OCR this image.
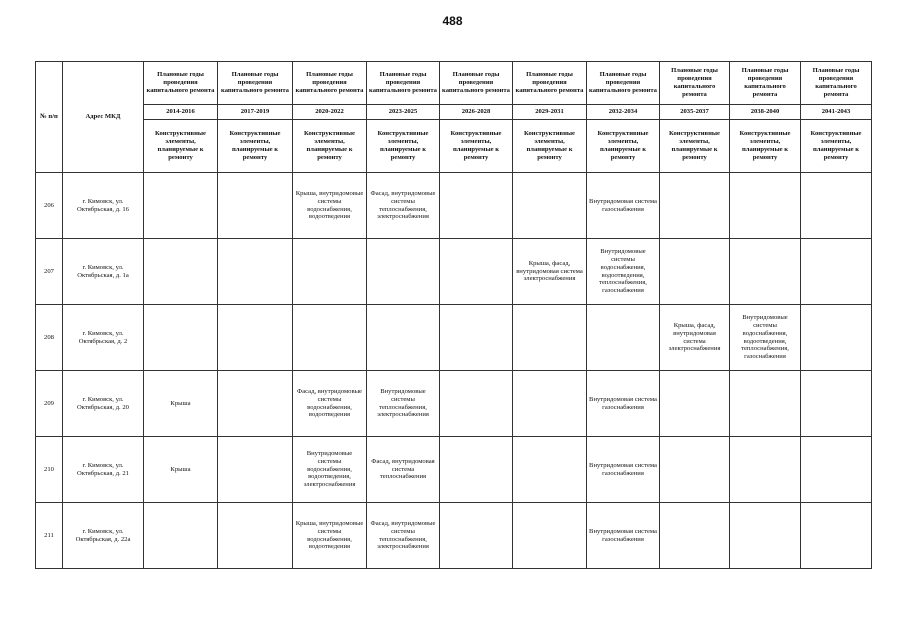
488
№ п/п	Адрес МКД	Плановые годы проведения капитального ремонта	Плановые годы проведения капитального ремонта	Плановые годы проведения капитального ремонта	Плановые годы проведения капитального ремонта	Плановые годы проведения капитального ремонта	Плановые годы проведения капитального ремонта	Плановые годы проведения капитального ремонта	Плановые годы проведения капитального ремонта	Плановые годы проведения капитального ремонта	Плановые годы проведения капитального ремонта
		2014-2016	2017-2019	2020-2022	2023-2025	2026-2028	2029-2031	2032-2034	2035-2037	2038-2040	2041-2043
		Конструктивные элементы, планируемые к ремонту	Конструктивные элементы, планируемые к ремонту	Конструктивные элементы, планируемые к ремонту	Конструктивные элементы, планируемые к ремонту	Конструктивные элементы, планируемые к ремонту	Конструктивные элементы, планируемые к ремонту	Конструктивные элементы, планируемые к ремонту	Конструктивные элементы, планируемые к ремонту	Конструктивные элементы, планируемые к ремонту	Конструктивные элементы, планируемые к ремонту
206	г. Кимовск, ул. Октябрьская, д. 16			Крыша, внутридомовые системы водоснабжения, водоотведения	Фасад, внутридомовые системы теплоснабжения, электроснабжения			Внутридомовая система газоснабжения			
207	г. Кимовск, ул. Октябрьская, д. 1а						Крыша, фасад, внутридомовая система электроснабжения	Внутридомовые системы водоснабжения, водоотведения, теплоснабжения, газоснабжения			
208	г. Кимовск, ул. Октябрьская, д. 2								Крыша, фасад, внутридомовая система электроснабжения	Внутридомовые системы водоснабжения, водоотведения, теплоснабжения, газоснабжения	
209	г. Кимовск, ул. Октябрьская, д. 20	Крыша		Фасад, внутридомовые системы водоснабжения, водоотведения	Внутридомовые системы теплоснабжения, электроснабжения			Внутридомовая система газоснабжения			
210	г. Кимовск, ул. Октябрьская, д. 21	Крыша		Внутридомовые системы водоснабжения, водоотведения, электроснабжения	Фасад, внутридомовая система теплоснабжения			Внутридомовая система газоснабжения			
211	г. Кимовск, ул. Октябрьская, д. 22а			Крыша, внутридомовые системы водоснабжения, водоотведения	Фасад, внутридомовые системы теплоснабжения, электроснабжения			Внутридомовая система газоснабжения			
